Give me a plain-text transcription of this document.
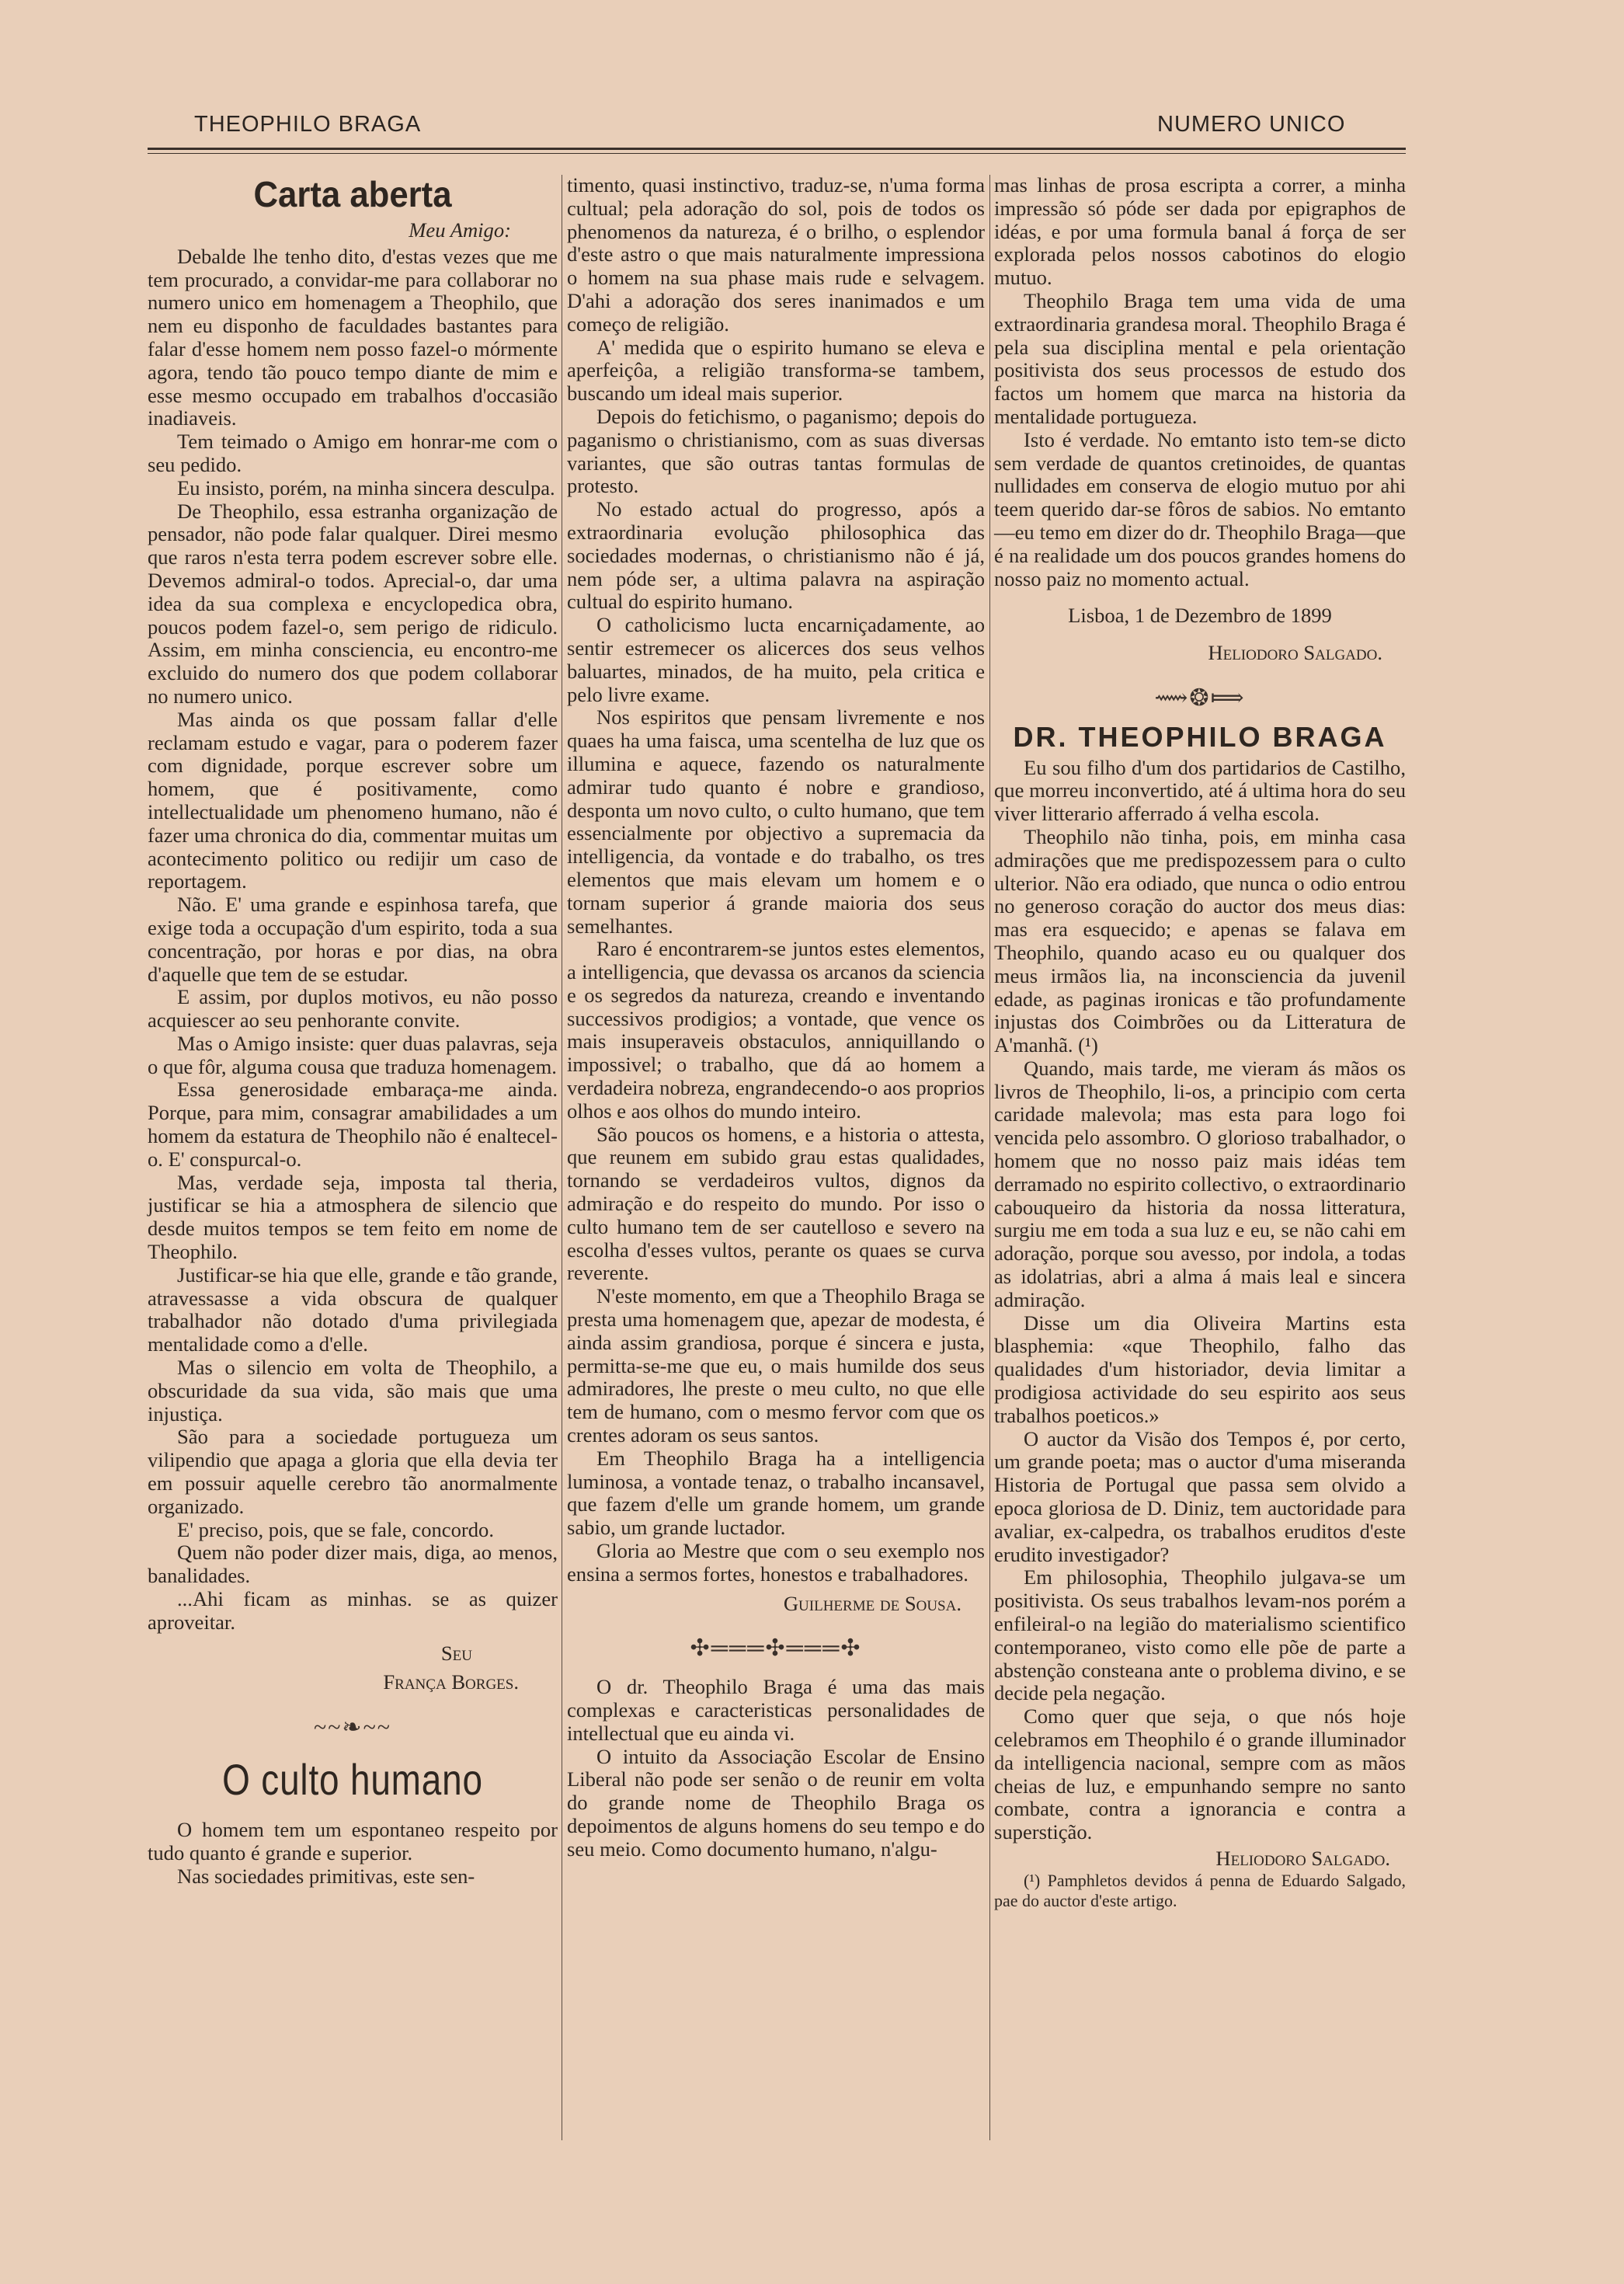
THEOPHILO BRAGA	NUMERO UNICO
Carta aberta
Meu Amigo:

Debalde lhe tenho dito, d'estas vezes que me tem procurado, a convidar-me para collaborar no numero unico em homenagem a Theophilo, que nem eu disponho de faculdades bastantes para falar d'esse homem nem posso fazel-o mórmente agora, tendo tão pouco tempo diante de mim e esse mesmo occupado em trabalhos d'occasião inadiaveis.

Tem teimado o Amigo em honrar-me com o seu pedido.

Eu insisto, porém, na minha sincera desculpa.

De Theophilo, essa estranha organização de pensador, não pode falar qualquer. Direi mesmo que raros n'esta terra podem escrever sobre elle. Devemos admiral-o todos. Aprecial-o, dar uma idea da sua complexa e encyclopedica obra, poucos podem fazel-o, sem perigo de ridiculo. Assim, em minha consciencia, eu encontro-me excluido do numero dos que podem collaborar no numero unico.

Mas ainda os que possam fallar d'elle reclamam estudo e vagar, para o poderem fazer com dignidade, porque escrever sobre um homem, que é positivamente, como intellectualidade um phenomeno humano, não é fazer uma chronica do dia, commentar muitas um acontecimento politico ou redijir um caso de reportagem.

Não. E' uma grande e espinhosa tarefa, que exige toda a occupação d'um espirito, toda a sua concentração, por horas e por dias, na obra d'aquelle que tem de se estudar.

E assim, por duplos motivos, eu não posso acquiescer ao seu penhorante convite.

Mas o Amigo insiste: quer duas palavras, seja o que fôr, alguma cousa que traduza homenagem.

Essa generosidade embaraça-me ainda. Porque, para mim, consagrar amabilidades a um homem da estatura de Theophilo não é enaltecel-o. E' conspurcal-o.

Mas, verdade seja, imposta tal theria, justificar se hia a atmosphera de silencio que desde muitos tempos se tem feito em nome de Theophilo.

Justificar-se hia que elle, grande e tão grande, atravessasse a vida obscura de qualquer trabalhador não dotado d'uma privilegiada mentalidade como a d'elle.

Mas o silencio em volta de Theophilo, a obscuridade da sua vida, são mais que uma injustiça.

São para a sociedade portugueza um vilipendio que apaga a gloria que ella devia ter em possuir aquelle cerebro tão anormalmente organizado.

E' preciso, pois, que se fale, concordo.

Quem não poder dizer mais, diga, ao menos, banalidades.

...Ahi ficam as minhas. se as quizer aproveitar.

Seu
França Borges.
~~❧~~
O culto humano

O homem tem um espontaneo respeito por tudo quanto é grande e superior.

Nas sociedades primitivas, este sen-

timento, quasi instinctivo, traduz-se, n'uma forma cultual; pela adoração do sol, pois de todos os phenomenos da natureza, é o brilho, o esplendor d'este astro o que mais naturalmente impressiona o homem na sua phase mais rude e selvagem. D'ahi a adoração dos seres inanimados e um começo de religião.

A' medida que o espirito humano se eleva e aperfeiçôa, a religião transforma-se tambem, buscando um ideal mais superior.

Depois do fetichismo, o paganismo; depois do paganismo o christianismo, com as suas diversas variantes, que são outras tantas formulas de protesto.

No estado actual do progresso, após a extraordinaria evolução philosophica das sociedades modernas, o christianismo não é já, nem póde ser, a ultima palavra na aspiração cultual do espirito humano.

O catholicismo lucta encarniçadamente, ao sentir estremecer os alicerces dos seus velhos baluartes, minados, de ha muito, pela critica e pelo livre exame.

Nos espiritos que pensam livremente e nos quaes ha uma faisca, uma scentelha de luz que os illumina e aquece, fazendo os naturalmente admirar tudo quanto é nobre e grandioso, desponta um novo culto, o culto humano, que tem essencialmente por objectivo a supremacia da intelligencia, da vontade e do trabalho, os tres elementos que mais elevam um homem e o tornam superior á grande maioria dos seus semelhantes.

Raro é encontrarem-se juntos estes elementos, a intelligencia, que devassa os arcanos da sciencia e os segredos da natureza, creando e inventando successivos prodigios; a vontade, que vence os mais insuperaveis obstaculos, anniquillando o impossivel; o trabalho, que dá ao homem a verdadeira nobreza, engrandecendo-o aos proprios olhos e aos olhos do mundo inteiro.

São poucos os homens, e a historia o attesta, que reunem em subido grau estas qualidades, tornando se verdadeiros vultos, dignos da admiração e do respeito do mundo. Por isso o culto humano tem de ser cautelloso e severo na escolha d'esses vultos, perante os quaes se curva reverente.

N'este momento, em que a Theophilo Braga se presta uma homenagem que, apezar de modesta, é ainda assim grandiosa, porque é sincera e justa, permitta-se-me que eu, o mais humilde dos seus admiradores, lhe preste o meu culto, no que elle tem de humano, com o mesmo fervor com que os crentes adoram os seus santos.

Em Theophilo Braga ha a intelligencia luminosa, a vontade tenaz, o trabalho incansavel, que fazem d'elle um grande homem, um grande sabio, um grande luctador.

Gloria ao Mestre que com o seu exemplo nos ensina a sermos fortes, honestos e trabalhadores.

Guilherme de Sousa.
✣═══✣═══✣

O dr. Theophilo Braga é uma das mais complexas e caracteristicas personalidades de intellectual que eu ainda vi.

O intuito da Associação Escolar de Ensino Liberal não pode ser senão o de reunir em volta do grande nome de Theophilo Braga os depoimentos de alguns homens do seu tempo e do seu meio. Como documento humano, n'algu-

mas linhas de prosa escripta a correr, a minha impressão só póde ser dada por epigraphos de idéas, e por uma formula banal á força de ser explorada pelos nossos cabotinos do elogio mutuo.

Theophilo Braga tem uma vida de uma extraordinaria grandesa moral. Theophilo Braga é pela sua disciplina mental e pela orientação positivista dos seus processos de estudo dos factos um homem que marca na historia da mentalidade portugueza.

Isto é verdade. No emtanto isto tem-se dicto sem verdade de quantos cretinoides, de quantas nullidades em conserva de elogio mutuo por ahi teem querido dar-se fôros de sabios. No emtanto—eu temo em dizer do dr. Theophilo Braga—que é na realidade um dos poucos grandes homens do nosso paiz no momento actual.

Lisboa, 1 de Dezembro de 1899
Heliodoro Salgado.
⟿❂⟾
DR. THEOPHILO BRAGA

Eu sou filho d'um dos partidarios de Castilho, que morreu inconvertido, até á ultima hora do seu viver litterario afferrado á velha escola.

Theophilo não tinha, pois, em minha casa admirações que me predispozessem para o culto ulterior. Não era odiado, que nunca o odio entrou no generoso coração do auctor dos meus dias: mas era esquecido; e apenas se falava em Theophilo, quando acaso eu ou qualquer dos meus irmãos lia, na inconsciencia da juvenil edade, as paginas ironicas e tão profundamente injustas dos Coimbrões ou da Litteratura de A'manhã. (¹)

Quando, mais tarde, me vieram ás mãos os livros de Theophilo, li-os, a principio com certa caridade malevola; mas esta para logo foi vencida pelo assombro. O glorioso trabalhador, o homem que no nosso paiz mais idéas tem derramado no espirito collectivo, o extraordinario cabouqueiro da historia da nossa litteratura, surgiu me em toda a sua luz e eu, se não cahi em adoração, porque sou avesso, por indola, a todas as idolatrias, abri a alma á mais leal e sincera admiração.

Disse um dia Oliveira Martins esta blasphemia: «que Theophilo, falho das qualidades d'um historiador, devia limitar a prodigiosa actividade do seu espirito aos seus trabalhos poeticos.»

O auctor da Visão dos Tempos é, por certo, um grande poeta; mas o auctor d'uma miseranda Historia de Portugal que passa sem olvido a epoca gloriosa de D. Diniz, tem auctoridade para avaliar, ex-calpedra, os trabalhos eruditos d'este erudito investigador?

Em philosophia, Theophilo julgava-se um positivista. Os seus trabalhos levam-nos porém a enfileiral-o na legião do materialismo scientifico contemporaneo, visto como elle põe de parte a abstenção consteana ante o problema divino, e se decide pela negação.

Como quer que seja, o que nós hoje celebramos em Theophilo é o grande illuminador da intelligencia nacional, sempre com as mãos cheias de luz, e empunhando sempre no santo combate, contra a ignorancia e contra a superstição.

Heliodoro Salgado.

(¹) Pamphletos devidos á penna de Eduardo Salgado, pae do auctor d'este artigo.
